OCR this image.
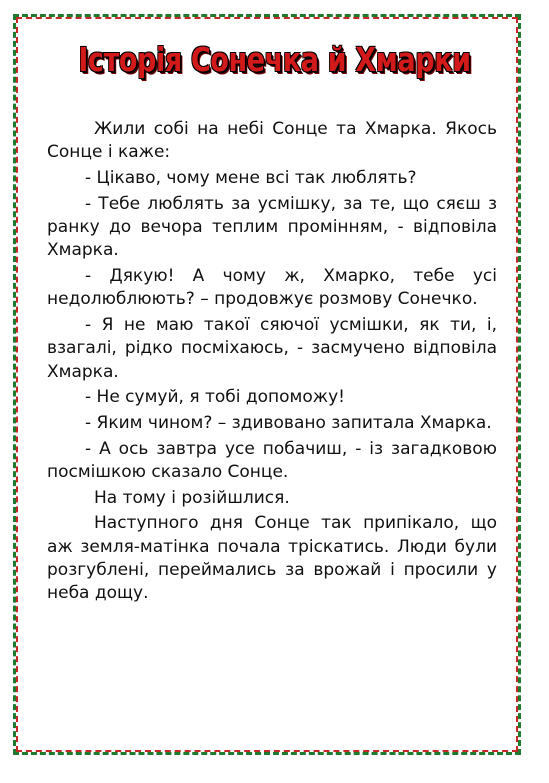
Історія Сонечка й Хмарки

Жили собі на небі Сонце та Хмарка. Якось Сонце і каже:

- Цікаво, чому мене всі так люблять?

- Тебе люблять за усмішку, за те, що сяєш з ранку до вечора теплим промінням, - відповіла Хмарка.

- Дякую! А чому ж, Хмарко, тебе усі недолюблюють? – продовжує розмову Сонечко.

- Я не маю такої сяючої усмішки, як ти, і, взагалі, рідко посміхаюсь, - засмучено відповіла Хмарка.

- Не сумуй, я тобі допоможу!

- Яким чином? – здивовано запитала Хмарка.

- А ось завтра усе побачиш, - із загадковою посмішкою сказало Сонце.

На тому і розійшлися.

Наступного дня Сонце так припікало, що аж земля-матінка почала тріскатись. Люди були розгублені, переймались за врожай і просили у неба дощу.
